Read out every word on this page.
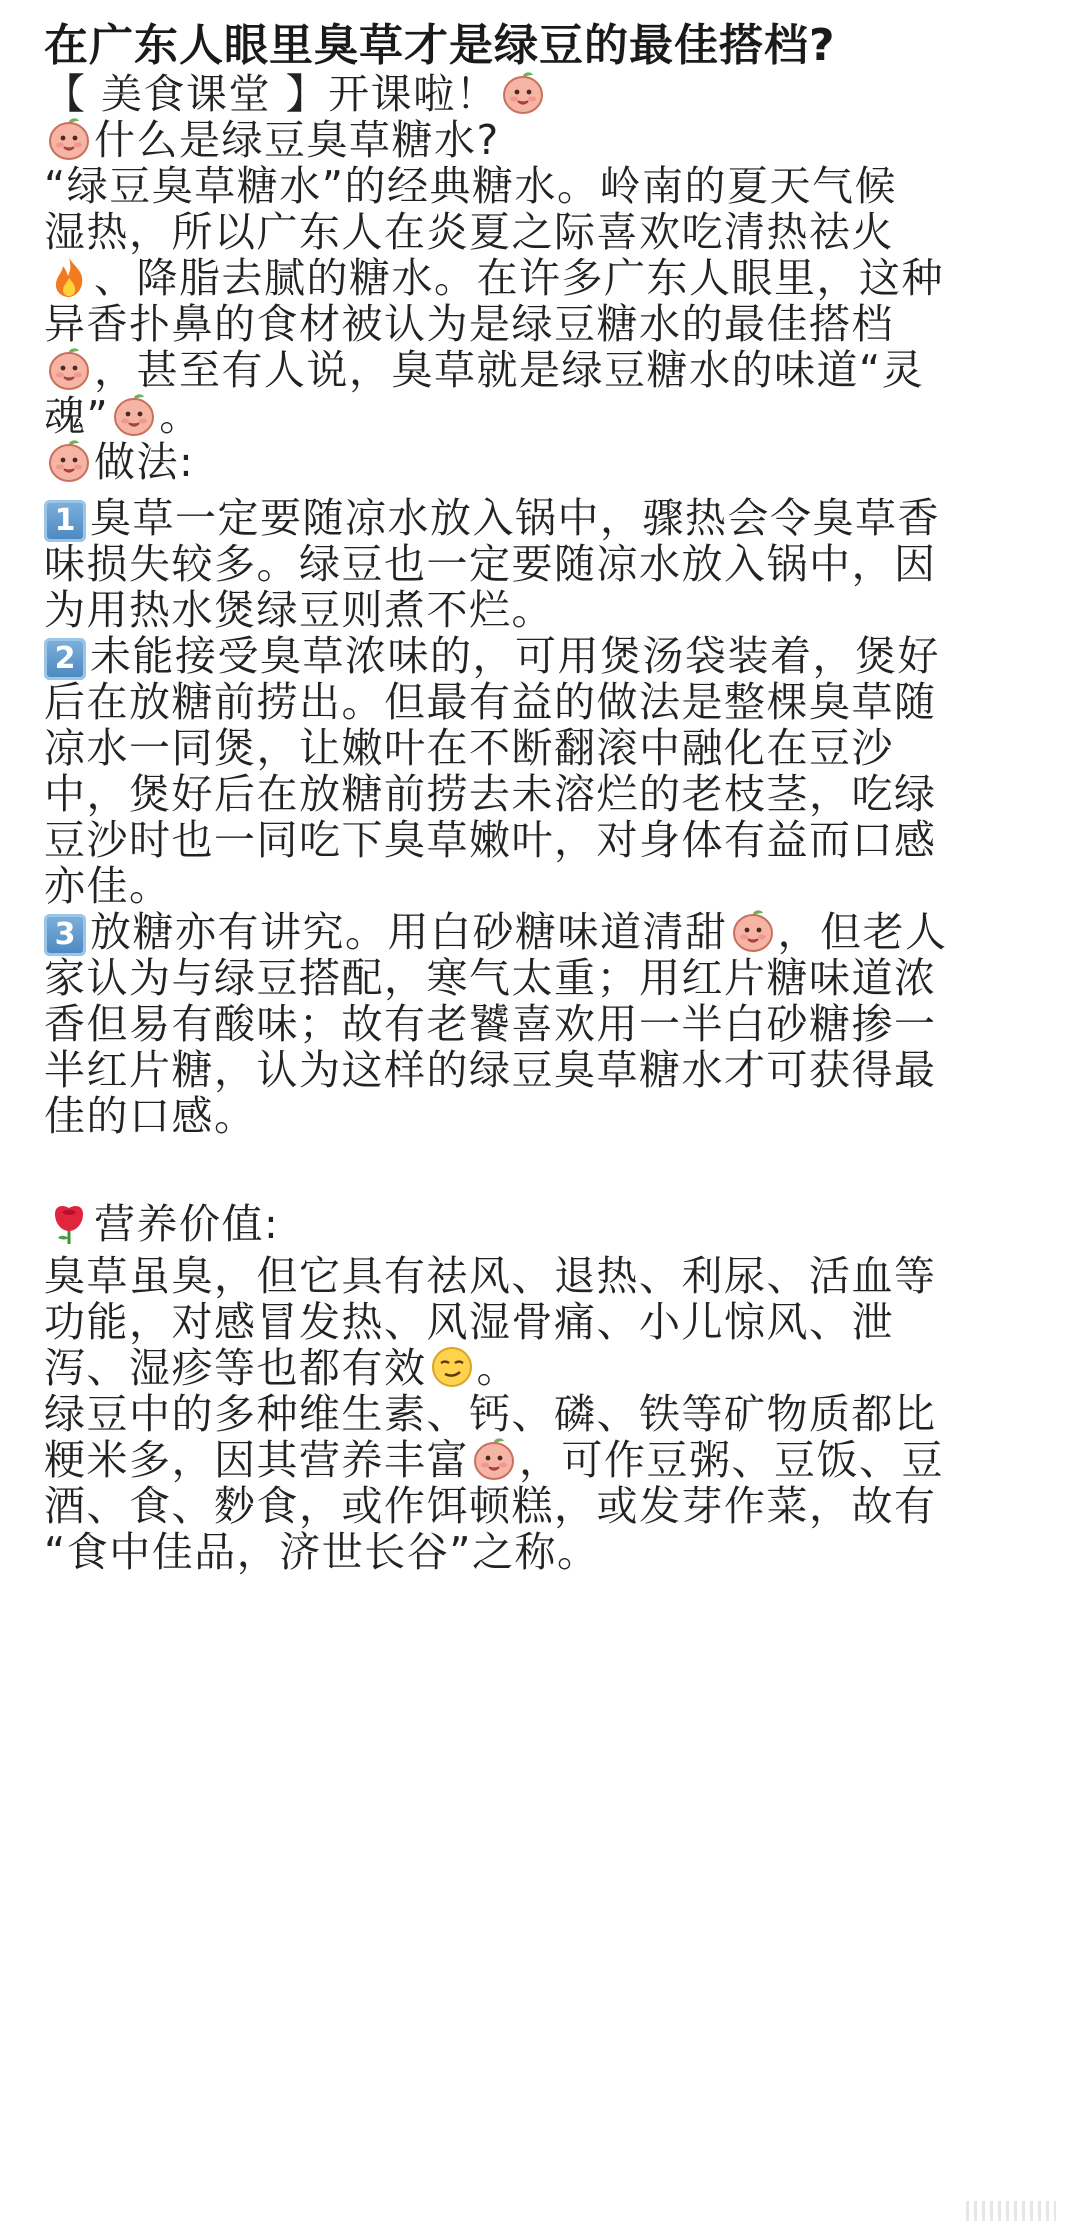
在广东人眼里臭草才是绿豆的最佳搭档?
【 美食课堂 】开课啦！
什么是绿豆臭草糖水?
“绿豆臭草糖水”的经典糖水。岭南的夏天气候
湿热，所以广东人在炎夏之际喜欢吃清热祛火
、降脂去腻的糖水。在许多广东人眼里，这种
异香扑鼻的食材被认为是绿豆糖水的最佳搭档
，甚至有人说，臭草就是绿豆糖水的味道“灵
魂” 。
做法:
1 臭草一定要随凉水放入锅中，骤热会令臭草香
味损失较多。绿豆也一定要随凉水放入锅中，因
为用热水煲绿豆则煮不烂。
2 未能接受臭草浓味的，可用煲汤袋装着，煲好
后在放糖前捞出。但最有益的做法是整棵臭草随
凉水一同煲，让嫩叶在不断翻滚中融化在豆沙
中，煲好后在放糖前捞去未溶烂的老枝茎，吃绿
豆沙时也一同吃下臭草嫩叶，对身体有益而口感
亦佳。
3 放糖亦有讲究。用白砂糖味道清甜 ，但老人
家认为与绿豆搭配，寒气太重；用红片糖味道浓
香但易有酸味；故有老饕喜欢用一半白砂糖掺一
半红片糖，认为这样的绿豆臭草糖水才可获得最
佳的口感。
营养价值:
臭草虽臭，但它具有祛风、退热、利尿、活血等
功能，对感冒发热、风湿骨痛、小儿惊风、泄
泻、湿疹等也都有效 。
绿豆中的多种维生素、钙、磷、铁等矿物质都比
粳米多，因其营养丰富 ，可作豆粥、豆饭、豆
酒、食、麨食，或作饵顿糕，或发芽作菜，故有
“食中佳品，济世长谷”之称。
